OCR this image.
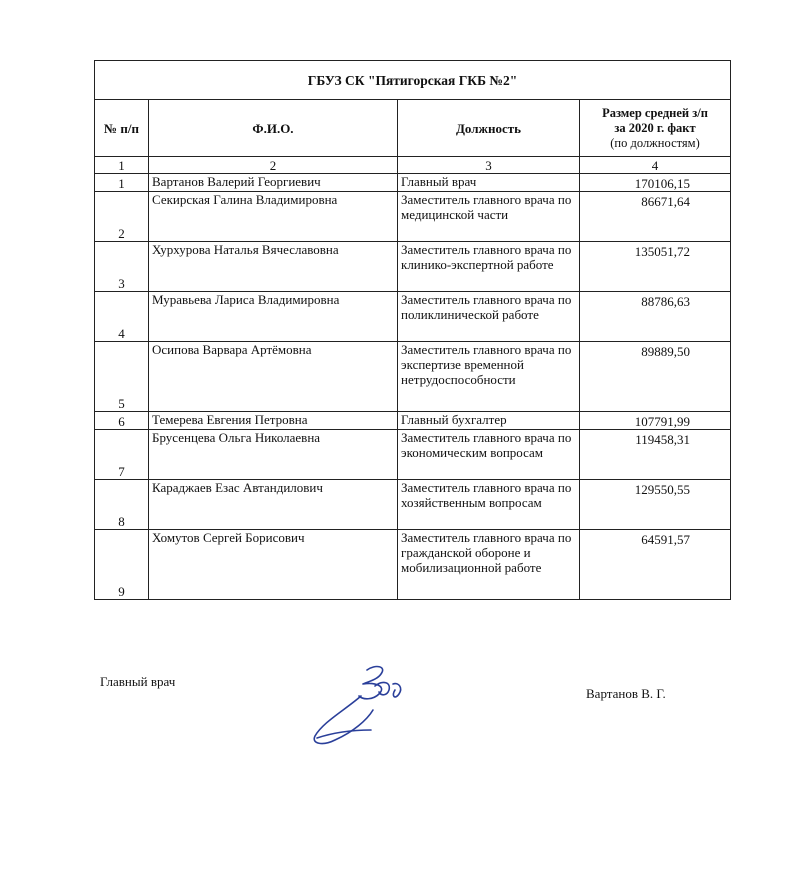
ГБУЗ СК "Пятигорская ГКБ №2"			
№ п/п	Ф.И.О.	Должность	Размер средней з/п
за 2020 г. факт
(по должностям)

1	2	3	4
1	Вартанов Валерий Георгиевич	Главный врач	170106,15
2	Секирская Галина Владимировна	Заместитель главного врача по медицинской части	86671,64
3	Хурхурова Наталья Вячеславовна	Заместитель главного врача по клинико-экспертной работе	135051,72
4	Муравьева Лариса Владимировна	Заместитель главного врача по поликлинической работе	88786,63
5	Осипова Варвара Артёмовна	Заместитель главного врача по экспертизе временной нетрудоспособности	89889,50
6	Темерева Евгения Петровна	Главный бухгалтер	107791,99
7	Брусенцева Ольга Николаевна	Заместитель главного врача по экономическим вопросам	119458,31
8	Караджаев Езас Автандилович	Заместитель главного врача по хозяйственным вопросам	129550,55
9	Хомутов Сергей Борисович	Заместитель главного врача по гражданской обороне и мобилизационной работе	64591,57
Главный врач
Вартанов В. Г.
